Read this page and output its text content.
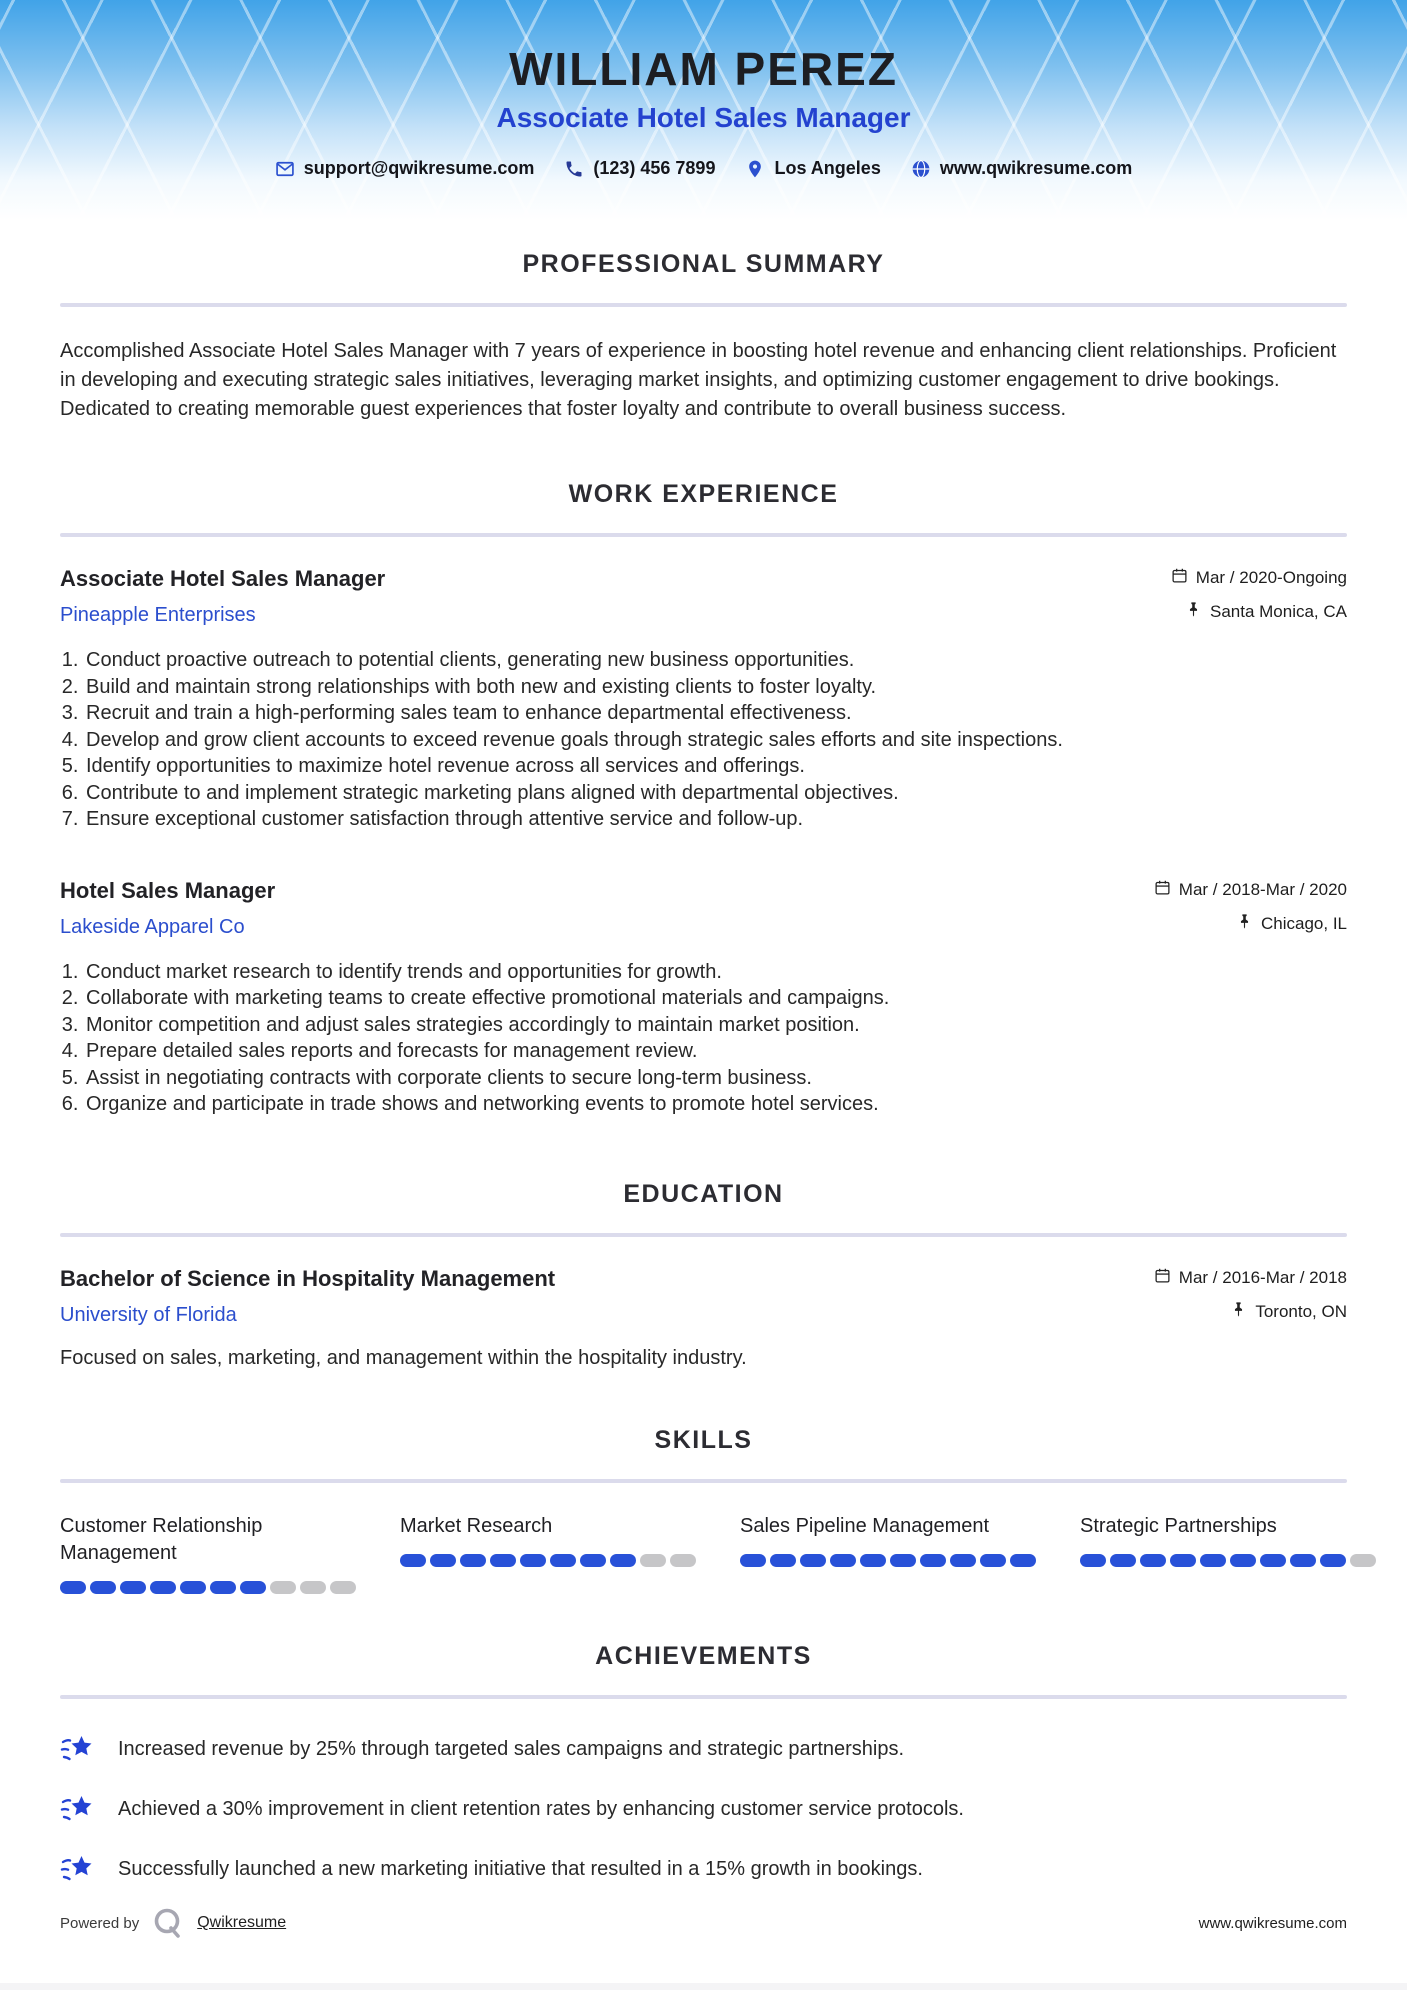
WILLIAM PEREZ
Associate Hotel Sales Manager
support@qwikresume.com	(123) 456 7899	Los Angeles	www.qwikresume.com
PROFESSIONAL SUMMARY

Accomplished Associate Hotel Sales Manager with 7 years of experience in boosting hotel revenue and enhancing client relationships. Proficient in developing and executing strategic sales initiatives, leveraging market insights, and optimizing customer engagement to drive bookings. Dedicated to creating memorable guest experiences that foster loyalty and contribute to overall business success.

WORK EXPERIENCE
Associate Hotel Sales Manager
Pineapple Enterprises
Mar / 2020-Ongoing
Santa Monica, CA
1. Conduct proactive outreach to potential clients, generating new business opportunities.
2. Build and maintain strong relationships with both new and existing clients to foster loyalty.
3. Recruit and train a high-performing sales team to enhance departmental effectiveness.
4. Develop and grow client accounts to exceed revenue goals through strategic sales efforts and site inspections.
5. Identify opportunities to maximize hotel revenue across all services and offerings.
6. Contribute to and implement strategic marketing plans aligned with departmental objectives.
7. Ensure exceptional customer satisfaction through attentive service and follow-up.
Hotel Sales Manager
Lakeside Apparel Co
Mar / 2018-Mar / 2020
Chicago, IL
1. Conduct market research to identify trends and opportunities for growth.
2. Collaborate with marketing teams to create effective promotional materials and campaigns.
3. Monitor competition and adjust sales strategies accordingly to maintain market position.
4. Prepare detailed sales reports and forecasts for management review.
5. Assist in negotiating contracts with corporate clients to secure long-term business.
6. Organize and participate in trade shows and networking events to promote hotel services.
EDUCATION
Bachelor of Science in Hospitality Management
University of Florida
Mar / 2016-Mar / 2018
Toronto, ON

Focused on sales, marketing, and management within the hospitality industry.

SKILLS
Customer Relationship Management
Market Research	Sales Pipeline Management	Strategic Partnerships
ACHIEVEMENTS
Increased revenue by 25% through targeted sales campaigns and strategic partnerships.
Achieved a 30% improvement in client retention rates by enhancing customer service protocols.
Successfully launched a new marketing initiative that resulted in a 15% growth in bookings.
Powered by	Qwikresume	www.qwikresume.com
